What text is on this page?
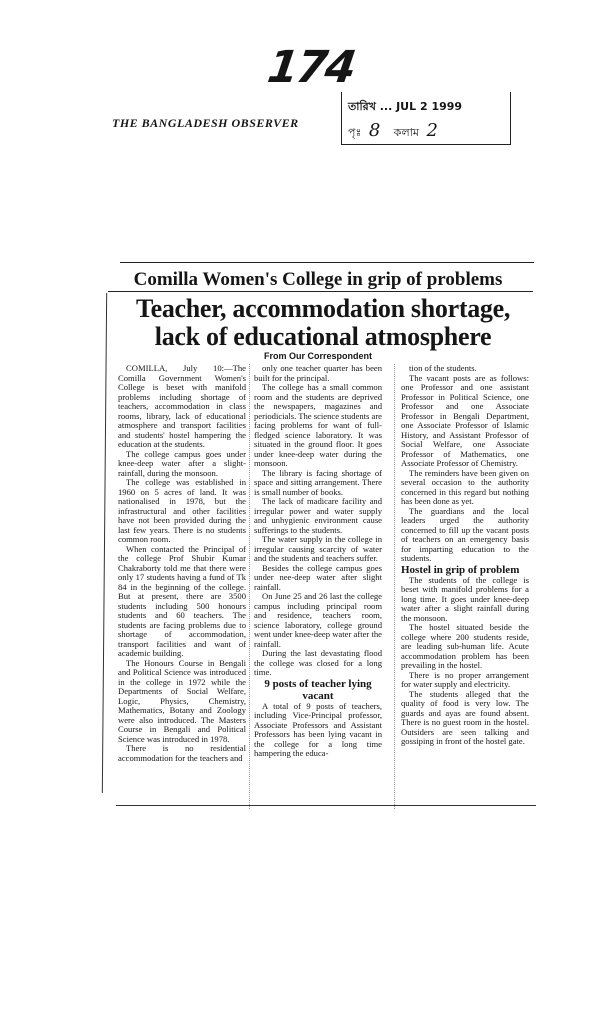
174
THE BANGLADESH OBSERVER
তারিখ ... JUL 2 1999
পৃঃ 8 কলাম 2
Comilla Women's College in grip of problems
Teacher, accommodation shortage,
lack of educational atmosphere
From Our Correspondent

COMILLA, July 10:—The Comilla Government Women's College is beset with manifold problems including shortage of teachers, accommodation in class rooms, library, lack of educational atmosphere and transport facilities and students' hostel hampering the education at the students.

The college campus goes under knee-deep water after a slight-rainfall, during the monsoon.

The college was established in 1960 on 5 acres of land. It was nationalised in 1978, but the infrastructural and other facilities have not been provided during the last few years. There is no students common room.

When contacted the Principal of the college Prof Shubir Kumar Chakraborty told me that there were only 17 students having a fund of Tk 84 in the beginning of the college. But at present, there are 3500 students including 500 honours students and 60 teachers. The students are facing problems due to shortage of accommodation, transport facilities and want of academic building.

The Honours Course in Bengali and Political Science was introduced in the college in 1972 while the Departments of Social Welfare, Logic, Physics, Chemistry, Mathematics, Botany and Zoology were also introduced. The Masters Course in Bengali and Political Science was introduced in 1978.

There is no residential accommodation for the teachers and

only one teacher quarter has been built for the principal.

The college has a small common room and the students are deprived the newspapers, magazines and periodicials. The science students are facing problems for want of full-fledged science laboratory. It was situated in the ground floor. It goes under knee-deep water during the monsoon.

The library is facing shortage of space and sitting arrangement. There is small number of books.

The lack of madicare facility and irregular power and water supply and unhygienic environment cause sufferings to the students.

The water supply in the college in irregular causing scarcity of water and the students and teachers suffer.

Besides the college campus goes under nee-deep water after slight rainfall.

On June 25 and 26 last the college campus including principal room and residence, teachers room, science laboratory, college ground went under knee-deep water after the rainfall.

During the last devastating flood the college was closed for a long time.

9 posts of teacher lying vacant

A total of 9 posts of teachers, including Vice-Principal professor, Associate Professors and Assistant Professors has been lying vacant in the college for a long time hampering the educa-

tion of the students.

The vacant posts are as follows: one Professor and one assistant Professor in Political Science, one Professor and one Associate Professor in Bengali Department, one Associate Professor of Islamic History, and Assistant Professor of Social Welfare, one Associate Professor of Mathematics, one Associate Professor of Chemistry.

The reminders have been given on several occasion to the authority concerned in this regard but nothing has been done as yet.

The guardians and the local leaders urged the authority concerned to fill up the vacant posts of teachers on an emergency basis for imparting education to the students.

Hostel in grip of problem

The students of the college is beset with manifold problems for a long time. It goes under knee-deep water after a slight rainfall during the monsoon.

The hostel situated beside the college where 200 students reside, are leading sub-human life. Acute accommodation problem has been prevailing in the hostel.

There is no proper arrangement for water supply and electricity.

The students alleged that the quality of food is very low. The guards and ayas are found absent. There is no guest room in the hostel. Outsiders are seen talking and gossiping in front of the hostel gate.
